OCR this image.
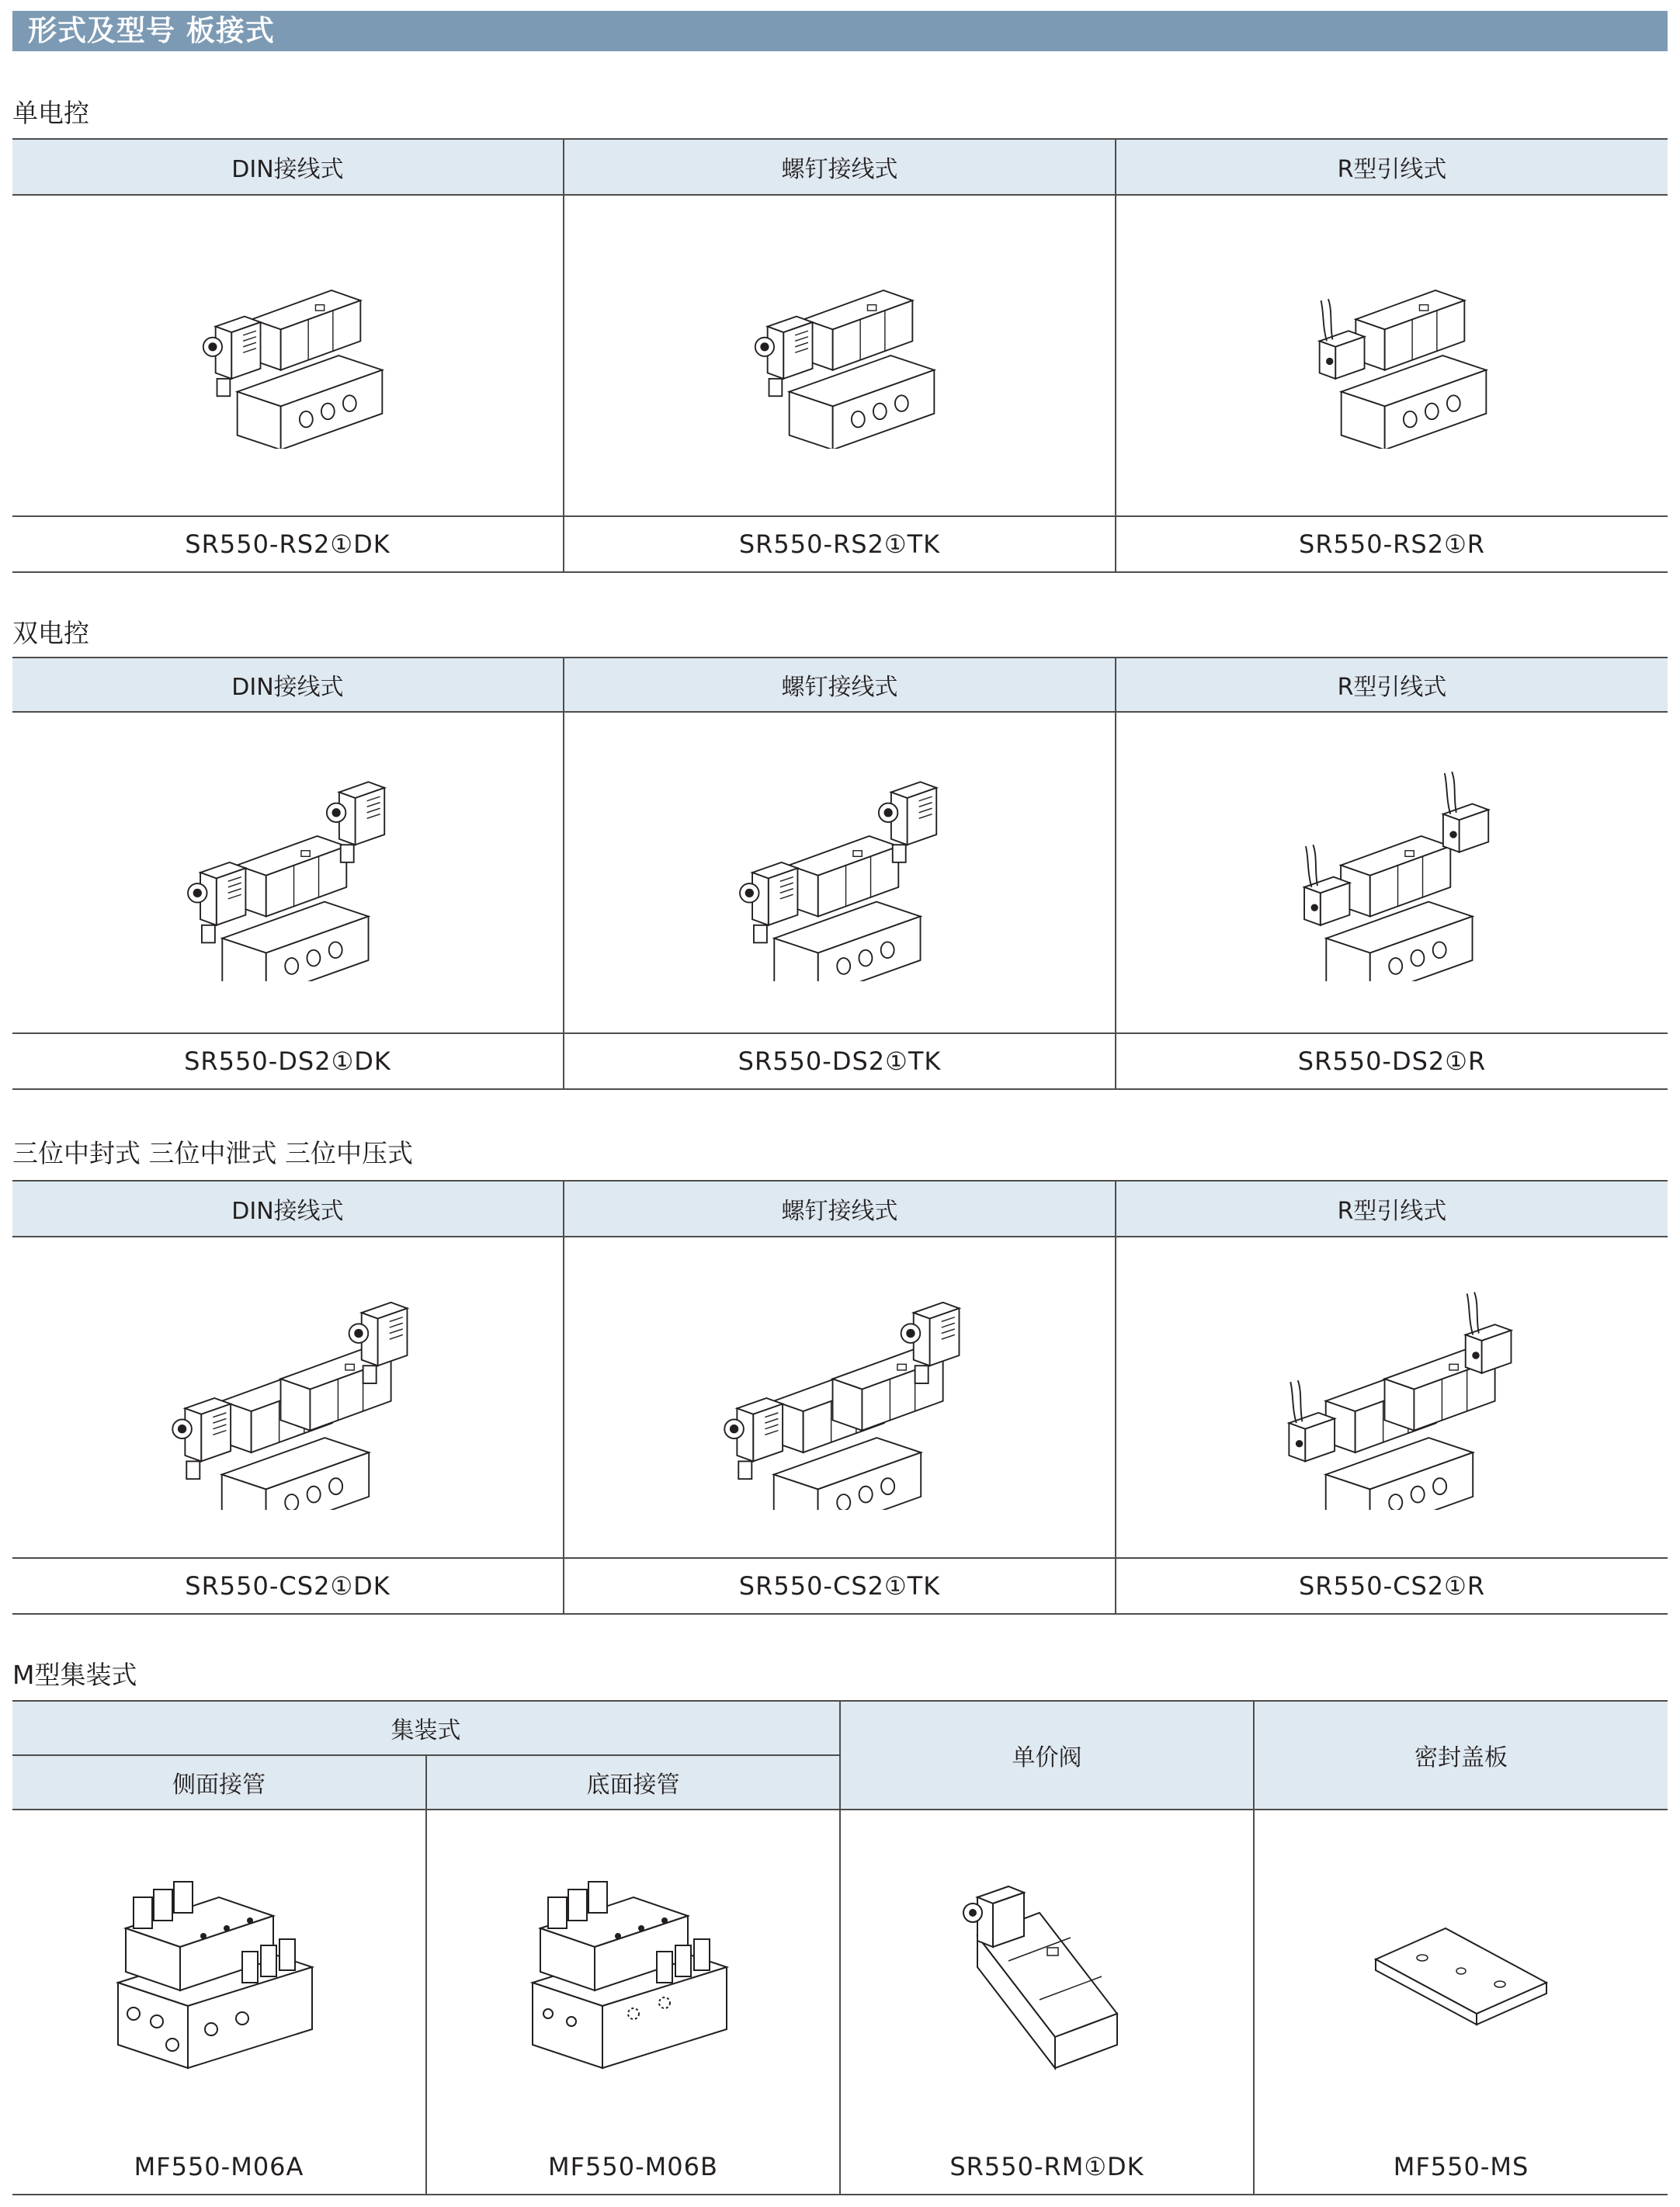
形式及型号 板接式
单电控
DIN接线式	螺钉接线式	R型引线式

SR550-RS2①DK	SR550-RS2①TK	SR550-RS2①R
双电控
DIN接线式	螺钉接线式	R型引线式

SR550-DS2①DK	SR550-DS2①TK	SR550-DS2①R
三位中封式 三位中泄式 三位中压式
DIN接线式	螺钉接线式	R型引线式

SR550-CS2①DK	SR550-CS2①TK	SR550-CS2①R
M型集装式
集装式		单价阀	密封盖板
侧面接管	底面接管		

MF550-M06A	MF550-M06B	SR550-RM①DK	MF550-MS
